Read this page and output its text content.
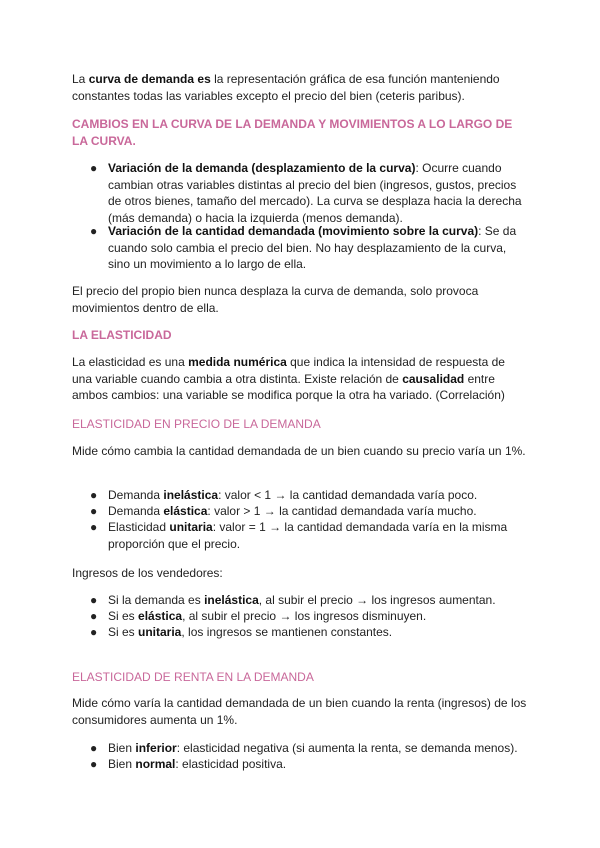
La curva de demanda es la representación gráfica de esa función manteniendo constantes todas las variables excepto el precio del bien (ceteris paribus).

CAMBIOS EN LA CURVA DE LA DEMANDA Y MOVIMIENTOS A LO LARGO DE LA CURVA.

● Variación de la demanda (desplazamiento de la curva): Ocurre cuando cambian otras variables distintas al precio del bien (ingresos, gustos, precios de otros bienes, tamaño del mercado). La curva se desplaza hacia la derecha (más demanda) o hacia la izquierda (menos demanda).
● Variación de la cantidad demandada (movimiento sobre la curva): Se da cuando solo cambia el precio del bien. No hay desplazamiento de la curva, sino un movimiento a lo largo de ella.

El precio del propio bien nunca desplaza la curva de demanda, solo provoca movimientos dentro de ella.

LA ELASTICIDAD

La elasticidad es una medida numérica que indica la intensidad de respuesta de una variable cuando cambia a otra distinta. Existe relación de causalidad entre ambos cambios: una variable se modifica porque la otra ha variado. (Correlación)

ELASTICIDAD EN PRECIO DE LA DEMANDA

Mide cómo cambia la cantidad demandada de un bien cuando su precio varía un 1%.

● Demanda inelástica: valor < 1 → la cantidad demandada varía poco.
● Demanda elástica: valor > 1 → la cantidad demandada varía mucho.
● Elasticidad unitaria: valor = 1 → la cantidad demandada varía en la misma proporción que el precio.

Ingresos de los vendedores:

● Si la demanda es inelástica, al subir el precio → los ingresos aumentan.
● Si es elástica, al subir el precio → los ingresos disminuyen.
● Si es unitaria, los ingresos se mantienen constantes.

ELASTICIDAD DE RENTA EN LA DEMANDA

Mide cómo varía la cantidad demandada de un bien cuando la renta (ingresos) de los consumidores aumenta un 1%.

● Bien inferior: elasticidad negativa (si aumenta la renta, se demanda menos).
● Bien normal: elasticidad positiva.
